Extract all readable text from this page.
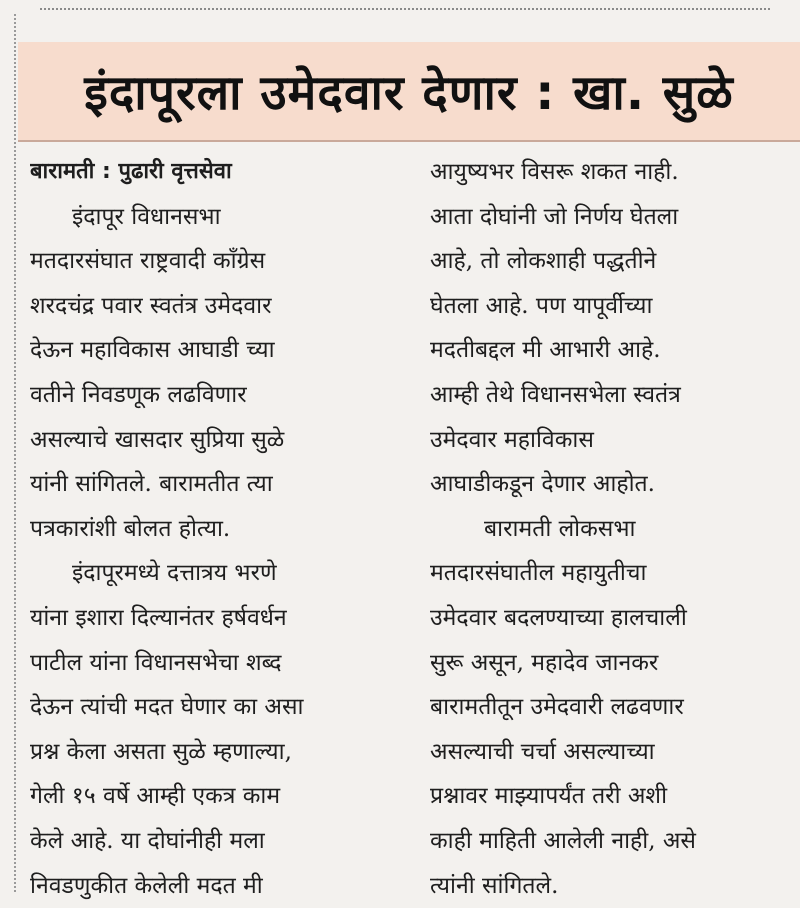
इंदापूरला उमेदवार देणार : खा. सुळे
बारामती : पुढारी वृत्तसेवा
इंदापूर विधानसभा
मतदारसंघात राष्ट्रवादी काँग्रेस
शरदचंद्र पवार स्वतंत्र उमेदवार
देऊन महाविकास आघाडी च्या
वतीने निवडणूक लढविणार
असल्याचे खासदार सुप्रिया सुळे
यांनी सांगितले. बारामतीत त्या
पत्रकारांशी बोलत होत्या.
इंदापूरमध्ये दत्तात्रय भरणे
यांना इशारा दिल्यानंतर हर्षवर्धन
पाटील यांना विधानसभेचा शब्द
देऊन त्यांची मदत घेणार का असा
प्रश्न केला असता सुळे म्हणाल्या,
गेली १५ वर्षे आम्ही एकत्र काम
केले आहे. या दोघांनीही मला
निवडणुकीत केलेली मदत मी
आयुष्यभर विसरू शकत नाही.
आता दोघांनी जो निर्णय घेतला
आहे, तो लोकशाही पद्धतीने
घेतला आहे. पण यापूर्वीच्या
मदतीबद्दल मी आभारी आहे.
आम्ही तेथे विधानसभेला स्वतंत्र
उमेदवार महाविकास
आघाडीकडून देणार आहोत.
बारामती लोकसभा
मतदारसंघातील महायुतीचा
उमेदवार बदलण्याच्या हालचाली
सुरू असून, महादेव जानकर
बारामतीतून उमेदवारी लढवणार
असल्याची चर्चा असल्याच्या
प्रश्नावर माझ्यापर्यंत तरी अशी
काही माहिती आलेली नाही, असे
त्यांनी सांगितले.
